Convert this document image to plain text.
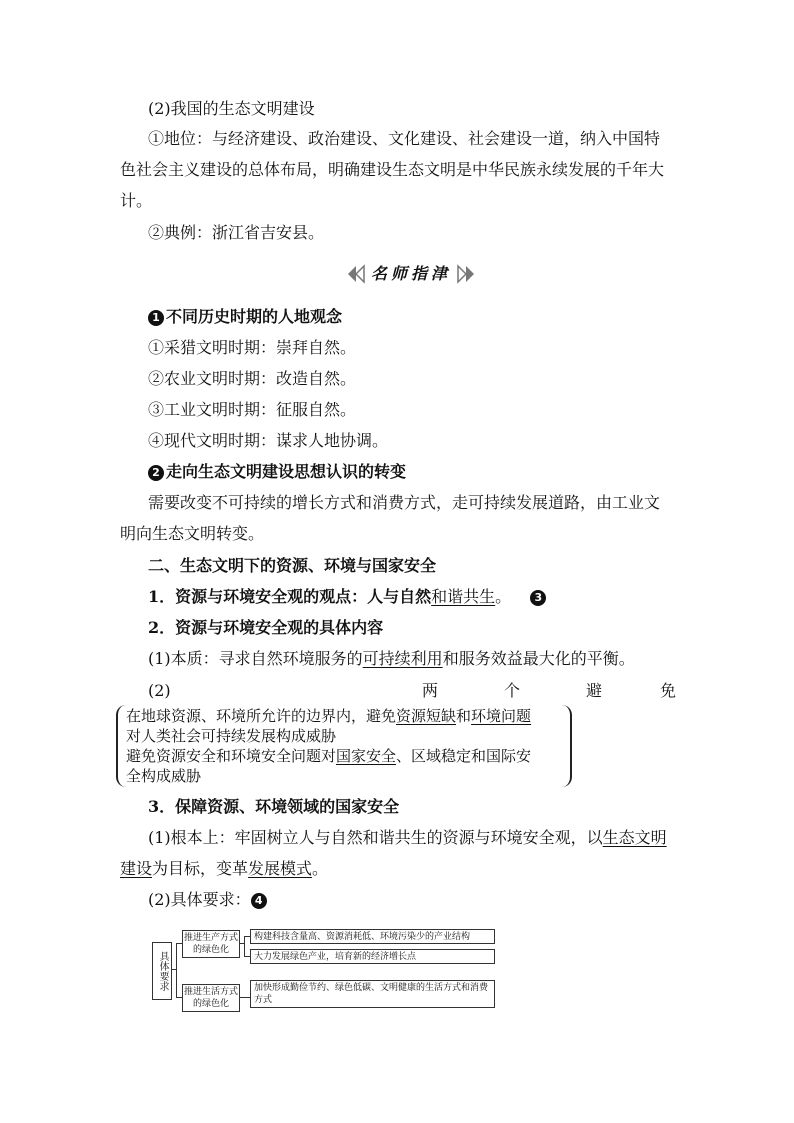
(2)我国的生态文明建设
①地位：与经济建设、政治建设、文化建设、社会建设一道，纳入中国特
色社会主义建设的总体布局，明确建设生态文明是中华民族永续发展的千年大
计。
②典例：浙江省吉安县。
名师指津
1 不同历史时期的人地观念
①采猎文明时期：崇拜自然。
②农业文明时期：改造自然。
③工业文明时期：征服自然。
④现代文明时期：谋求人地协调。
2 走向生态文明建设思想认识的转变
需要改变不可持续的增长方式和消费方式，走可持续发展道路，由工业文
明向生态文明转变。
二、生态文明下的资源、环境与国家安全
1．资源与环境安全观的观点：人与自然和谐共生。 3
2．资源与环境安全观的具体内容
(1)本质：寻求自然环境服务的可持续利用和服务效益最大化的平衡。
(2)	两	个	避	免
在地球资源、环境所允许的边界内，避免资源短缺和环境问题
对人类社会可持续发展构成威胁
避免资源安全和环境安全问题对国家安全、区域稳定和国际安
全构成威胁
3．保障资源、环境领域的国家安全
(1)根本上：牢固树立人与自然和谐共生的资源与环境安全观，以生态文明
建设为目标，变革发展模式。
(2)具体要求： 4
具体要求
推进生产方式的绿色化
推进生活方式的绿色化
构建科技含量高、资源消耗低、环境污染少的产业结构
大力发展绿色产业，培育新的经济增长点
加快形成勤俭节约、绿色低碳、文明健康的生活方式和消费方式
